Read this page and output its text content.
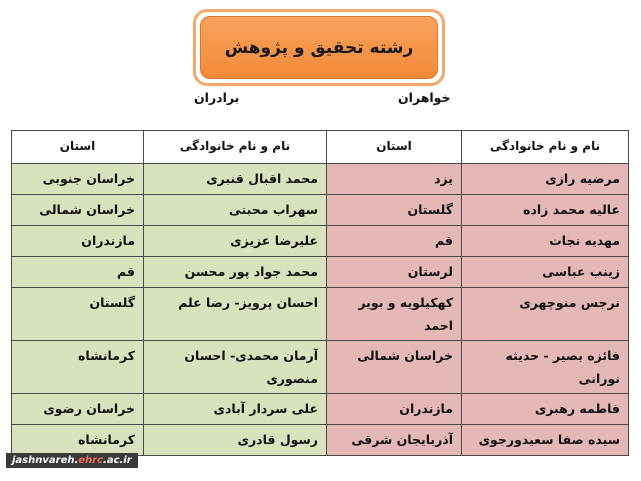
رشته تحقیق و پژوهش
خواهران
برادران
نام و نام خانوادگی	استان	نام و نام خانوادگی	استان
مرضیه رازی	یزد	محمد اقبال قنبری	خراسان جنوبی
عالیه محمد زاده	گلستان	سهراب محبتی	خراسان شمالی
مهدیه نجات	قم	علیرضا عزیزی	مازندران
زینب عباسی	لرستان	محمد جواد پور محسن	قم
نرجس منوچهری	کهکیلویه و بویر احمد	احسان پرویز- رضا علم	گلستان
فائزه بصیر - حدیثه نورانی	خراسان شمالی	آرمان محمدی- احسان منصوری	کرمانشاه
فاطمه رهبری	مازندران	علی سردار آبادی	خراسان رضوی
سیده صفا سعیدورجوی	آذربایجان شرقی	رسول قادری	کرمانشاه
jashnvareh.ehrc.ac.ir
